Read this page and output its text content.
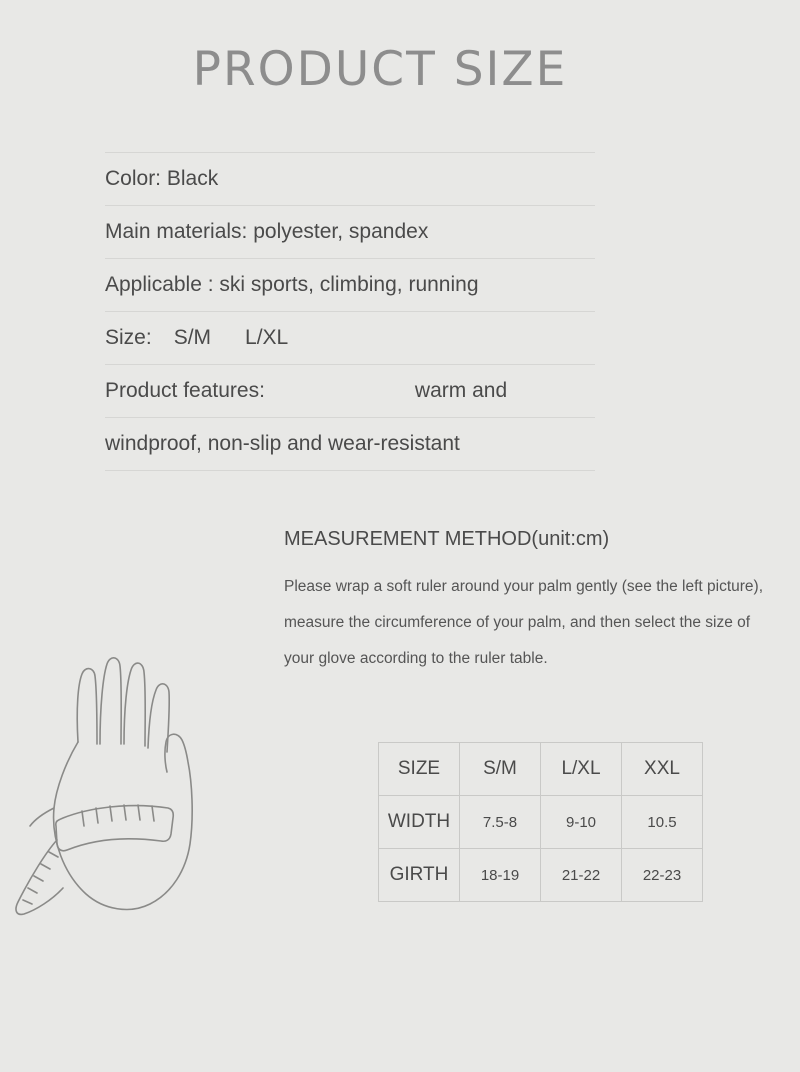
PRODUCT SIZE
Color: Black
Main materials: polyester, spandex
Applicable : ski sports, climbing, running
Size: S/M L/XL
Product features:	warm and
windproof, non-slip and wear-resistant
MEASUREMENT METHOD(unit:cm)

Please wrap a soft ruler around your palm gently (see the left picture), measure the circumference of your palm, and then select the size of your glove according to the ruler table.

SIZE	S/M	L/XL	XXL
WIDTH	7.5-8	9-10	10.5
GIRTH	18-19	21-22	22-23
